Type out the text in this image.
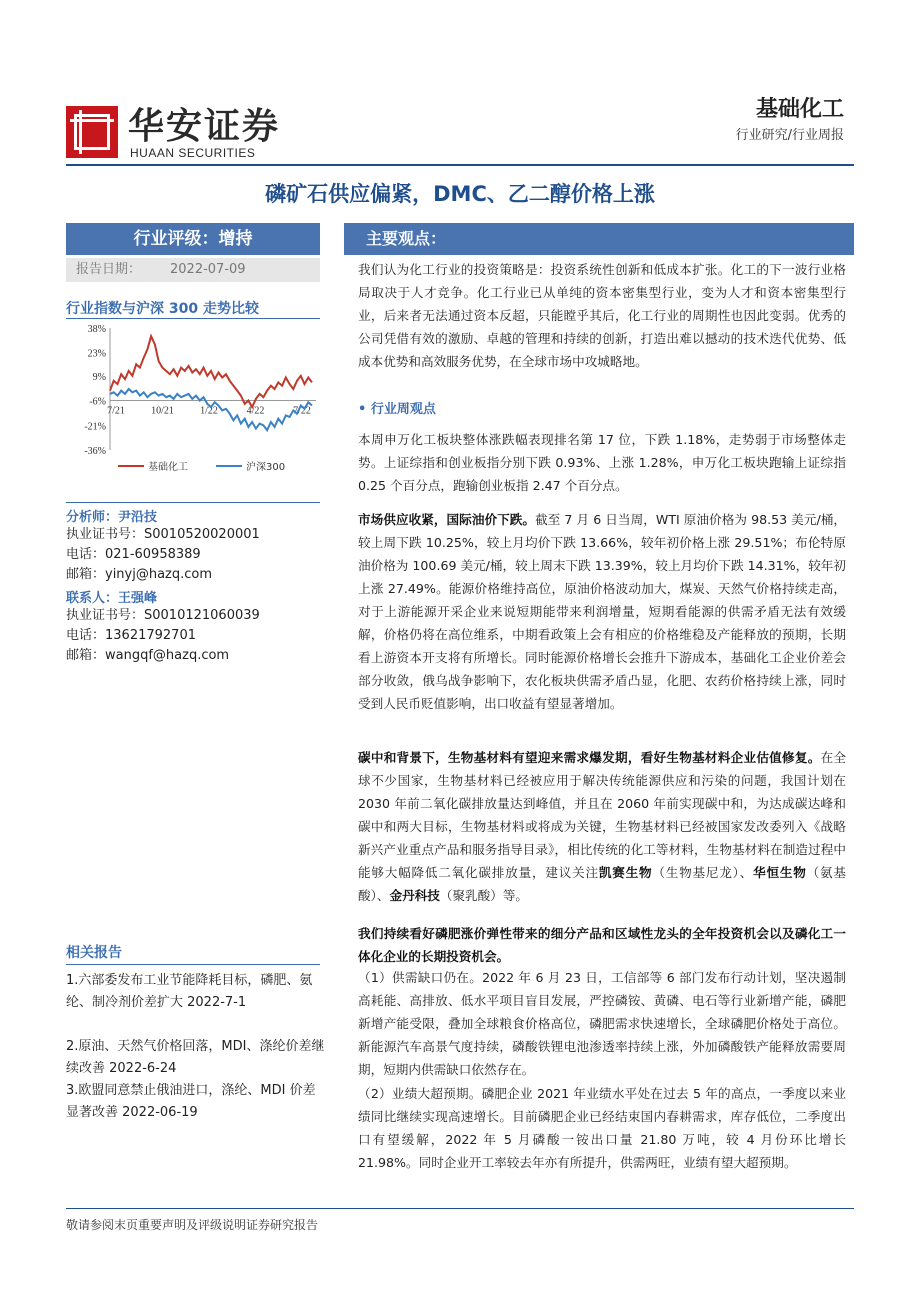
华安证券
HUAAN SECURITIES
基础化工
行业研究/行业周报
磷矿石供应偏紧，DMC、乙二醇价格上涨
行业评级：增持
报告日期： 2022-07-09
行业指数与沪深 300 走势比较
38%
23%
9%
-6%
-21%
-36%
7/21	10/21	1/22	4/22	7/22
基础化工	沪深300
分析师：尹沿技
执业证书号：S0010520020001
电话：021-60958389
邮箱：yinyj@hazq.com
联系人：王强峰
执业证书号：S0010121060039
电话：13621792701
邮箱：wangqf@hazq.com
相关报告
1.六部委发布工业节能降耗目标，磷肥、氨纶、制冷剂价差扩大 2022-7-1
2.原油、天然气价格回落，MDI、涤纶价差继续改善 2022-6-24
3.欧盟同意禁止俄油进口，涤纶、MDI 价差显著改善 2022-06-19
主要观点：
我们认为化工行业的投资策略是：投资系统性创新和低成本扩张。化工的下一波行业格局取决于人才竞争。化工行业已从单纯的资本密集型行业，变为人才和资本密集型行业，后来者无法通过资本反超，只能瞠乎其后，化工行业的周期性也因此变弱。优秀的公司凭借有效的激励、卓越的管理和持续的创新，打造出难以撼动的技术迭代优势、低成本优势和高效服务优势，在全球市场中攻城略地。
• 行业周观点
本周申万化工板块整体涨跌幅表现排名第 17 位，下跌 1.18%，走势弱于市场整体走势。上证综指和创业板指分别下跌 0.93%、上涨 1.28%，申万化工板块跑输上证综指 0.25 个百分点，跑输创业板指 2.47 个百分点。
市场供应收紧，国际油价下跌。截至 7 月 6 日当周，WTI 原油价格为 98.53 美元/桶，较上周下跌 10.25%，较上月均价下跌 13.66%，较年初价格上涨 29.51%；布伦特原油价格为 100.69 美元/桶，较上周末下跌 13.39%，较上月均价下跌 14.31%，较年初上涨 27.49%。能源价格维持高位，原油价格波动加大，煤炭、天然气价格持续走高，对于上游能源开采企业来说短期能带来利润增量，短期看能源的供需矛盾无法有效缓解，价格仍将在高位维系，中期看政策上会有相应的价格维稳及产能释放的预期，长期看上游资本开支将有所增长。同时能源价格增长会推升下游成本，基础化工企业价差会部分收敛，俄乌战争影响下，农化板块供需矛盾凸显，化肥、农药价格持续上涨，同时受到人民币贬值影响，出口收益有望显著增加。
碳中和背景下，生物基材料有望迎来需求爆发期，看好生物基材料企业估值修复。在全球不少国家，生物基材料已经被应用于解决传统能源供应和污染的问题，我国计划在 2030 年前二氧化碳排放量达到峰值，并且在 2060 年前实现碳中和，为达成碳达峰和碳中和两大目标，生物基材料或将成为关键，生物基材料已经被国家发改委列入《战略新兴产业重点产品和服务指导目录》，相比传统的化工等材料，生物基材料在制造过程中能够大幅降低二氧化碳排放量，建议关注凯赛生物（生物基尼龙）、华恒生物（氨基酸）、金丹科技（聚乳酸）等。
我们持续看好磷肥涨价弹性带来的细分产品和区域性龙头的全年投资机会以及磷化工一体化企业的长期投资机会。
（1）供需缺口仍在。2022 年 6 月 23 日，工信部等 6 部门发布行动计划，坚决遏制高耗能、高排放、低水平项目盲目发展，严控磷铵、黄磷、电石等行业新增产能，磷肥新增产能受限，叠加全球粮食价格高位，磷肥需求快速增长，全球磷肥价格处于高位。新能源汽车高景气度持续，磷酸铁锂电池渗透率持续上涨，外加磷酸铁产能释放需要周期，短期内供需缺口依然存在。
（2）业绩大超预期。磷肥企业 2021 年业绩水平处在过去 5 年的高点，一季度以来业绩同比继续实现高速增长。目前磷肥企业已经结束国内春耕需求，库存低位，二季度出口有望缓解，2022 年 5 月磷酸一铵出口量 21.80 万吨，较 4 月份环比增长 21.98%。同时企业开工率较去年亦有所提升，供需两旺，业绩有望大超预期。
敬请参阅末页重要声明及评级说明证券研究报告
